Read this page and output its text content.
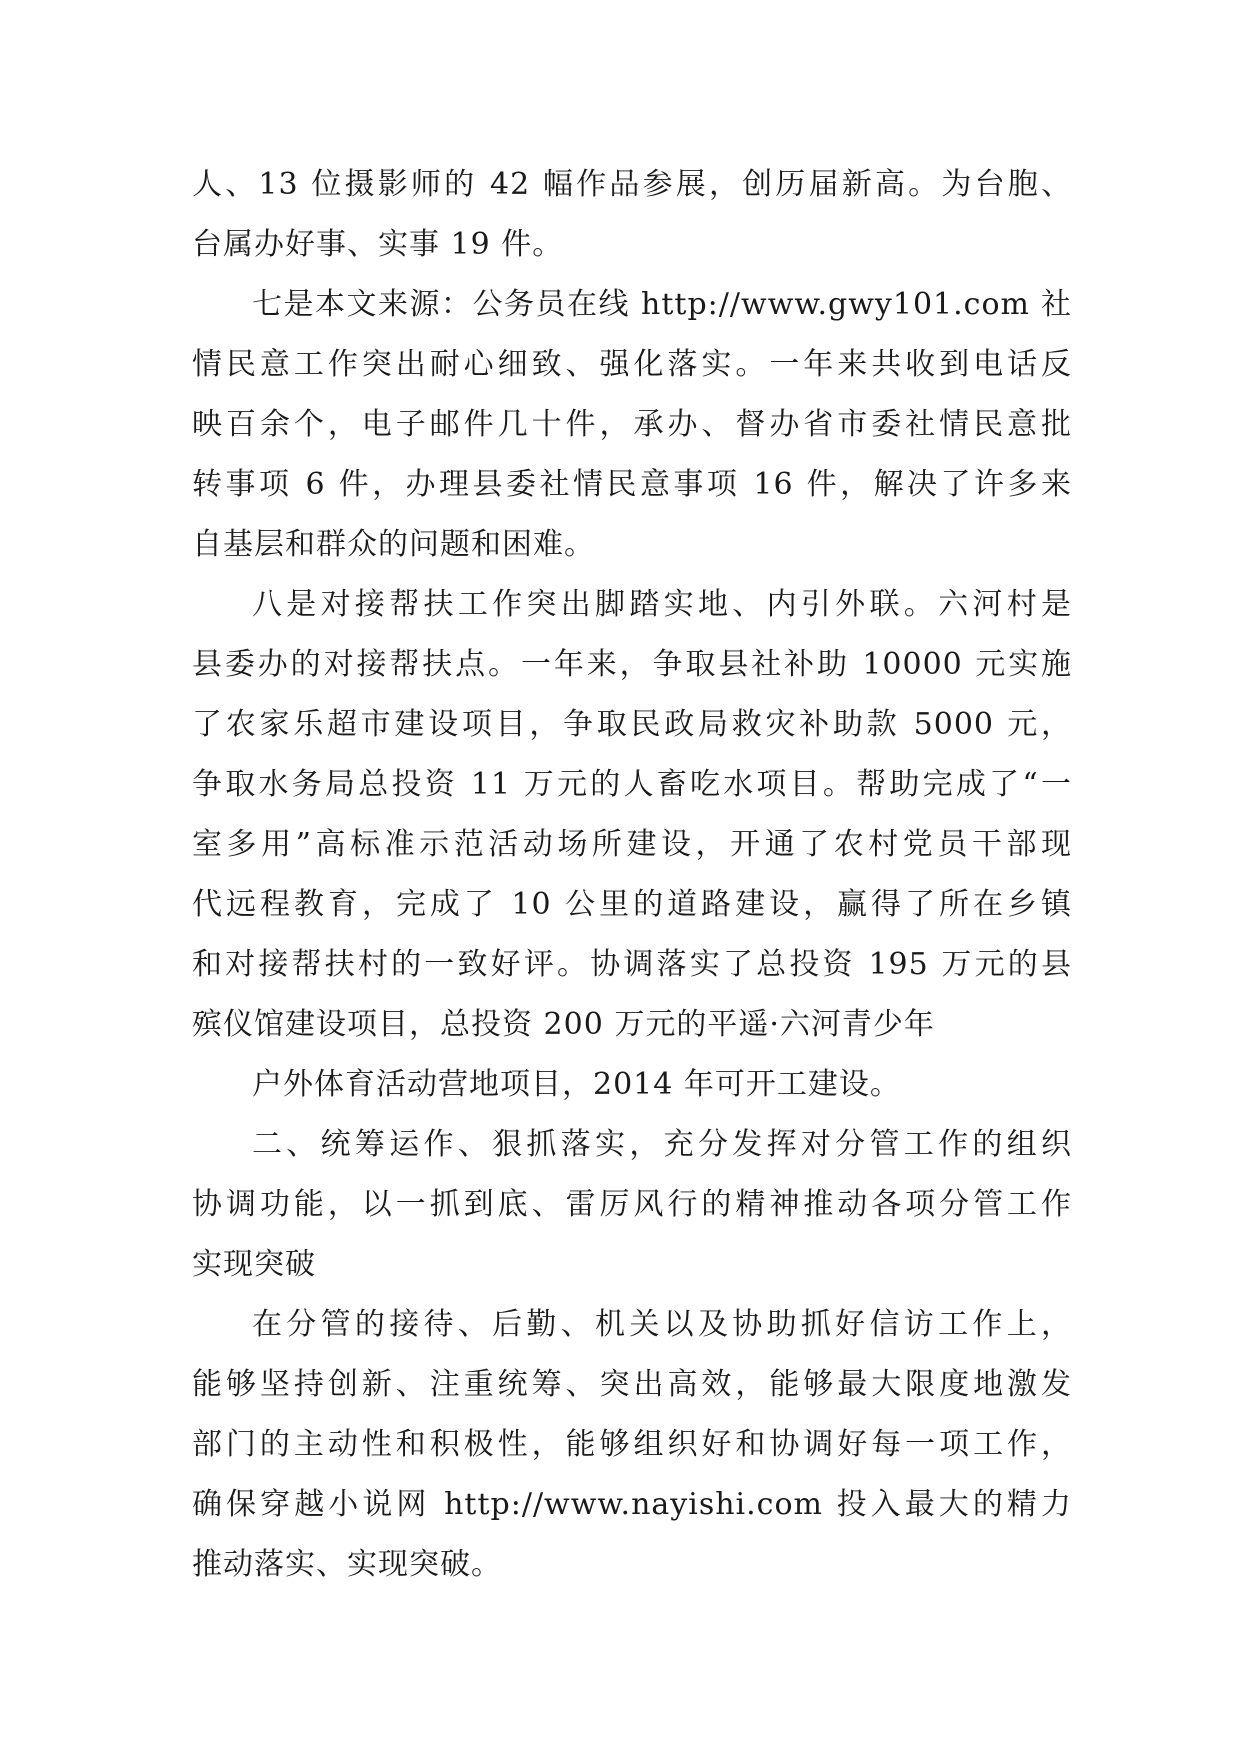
人、13 位摄影师的 42 幅作品参展，创历届新高。为台胞、
台属办好事、实事 19 件。
七是本文来源：公务员在线 http://www.gwy101.com 社
情民意工作突出耐心细致、强化落实。一年来共收到电话反
映百余个，电子邮件几十件，承办、督办省市委社情民意批
转事项 6 件，办理县委社情民意事项 16 件，解决了许多来
自基层和群众的问题和困难。
八是对接帮扶工作突出脚踏实地、内引外联。六河村是
县委办的对接帮扶点。一年来，争取县社补助 10000 元实施
了农家乐超市建设项目，争取民政局救灾补助款 5000 元，
争取水务局总投资 11 万元的人畜吃水项目。帮助完成了“一
室多用”高标准示范活动场所建设，开通了农村党员干部现
代远程教育，完成了 10 公里的道路建设，赢得了所在乡镇
和对接帮扶村的一致好评。协调落实了总投资 195 万元的县
殡仪馆建设项目，总投资 200 万元的平遥·六河青少年
户外体育活动营地项目，2014 年可开工建设。
二、统筹运作、狠抓落实，充分发挥对分管工作的组织
协调功能，以一抓到底、雷厉风行的精神推动各项分管工作
实现突破
在分管的接待、后勤、机关以及协助抓好信访工作上，
能够坚持创新、注重统筹、突出高效，能够最大限度地激发
部门的主动性和积极性，能够组织好和协调好每一项工作，
确保穿越小说网 http://www.nayishi.com 投入最大的精力
推动落实、实现突破。
